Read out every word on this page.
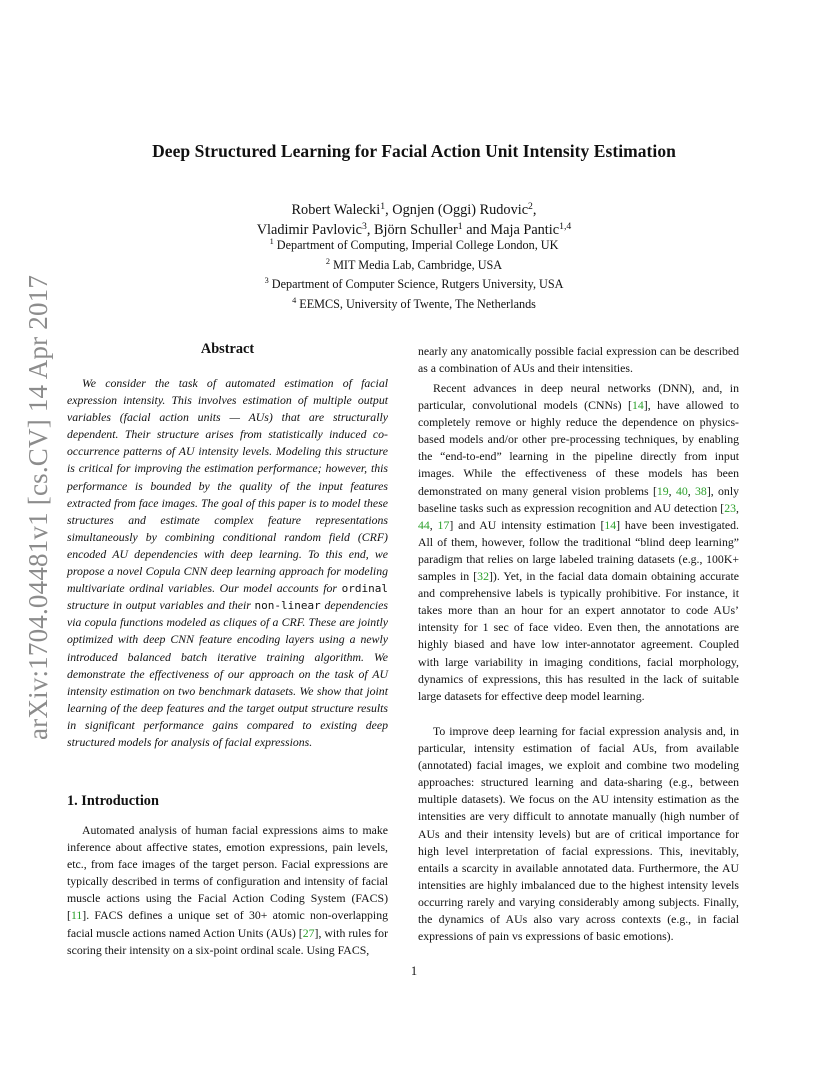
arXiv:1704.04481v1 [cs.CV] 14 Apr 2017
Deep Structured Learning for Facial Action Unit Intensity Estimation
Robert Walecki$^1$, Ognjen (Oggi) Rudovic$^2$,
Vladimir Pavlovic$^3$, Björn Schuller$^1$ and Maja Pantic$^{1,4}$
$^1$ Department of Computing, Imperial College London, UK
$^2$ MIT Media Lab, Cambridge, USA
$^3$ Department of Computer Science, Rutgers University, USA
$^4$ EEMCS, University of Twente, The Netherlands
Abstract

We consider the task of automated estimation of facial expression intensity. This involves estimation of multiple output variables (facial action units — AUs) that are structurally dependent. Their structure arises from statistically induced co-occurrence patterns of AU intensity levels. Modeling this structure is critical for improving the estimation performance; however, this performance is bounded by the quality of the input features extracted from face images. The goal of this paper is to model these structures and estimate complex feature representations simultaneously by combining conditional random field (CRF) encoded AU dependencies with deep learning. To this end, we propose a novel Copula CNN deep learning approach for modeling multivariate ordinal variables. Our model accounts for ordinal structure in output variables and their non-linear dependencies via copula functions modeled as cliques of a CRF. These are jointly optimized with deep CNN feature encoding layers using a newly introduced balanced batch iterative training algorithm. We demonstrate the effectiveness of our approach on the task of AU intensity estimation on two benchmark datasets. We show that joint learning of the deep features and the target output structure results in significant performance gains compared to existing deep structured models for analysis of facial expressions.

1. Introduction

Automated analysis of human facial expressions aims to make inference about affective states, emotion expressions, pain levels, etc., from face images of the target person. Facial expressions are typically described in terms of configuration and intensity of facial muscle actions using the Facial Action Coding System (FACS) [11]. FACS defines a unique set of 30+ atomic non-overlapping facial muscle actions named Action Units (AUs) [27], with rules for scoring their intensity on a six-point ordinal scale. Using FACS,

nearly any anatomically possible facial expression can be described as a combination of AUs and their intensities.

Recent advances in deep neural networks (DNN), and, in particular, convolutional models (CNNs) [14], have allowed to completely remove or highly reduce the dependence on physics-based models and/or other pre-processing techniques, by enabling the “end-to-end” learning in the pipeline directly from input images. While the effectiveness of these models has been demonstrated on many general vision problems [19, 40, 38], only baseline tasks such as expression recognition and AU detection [23, 44, 17] and AU intensity estimation [14] have been investigated. All of them, however, follow the traditional “blind deep learning” paradigm that relies on large labeled training datasets (e.g., 100K+ samples in [32]). Yet, in the facial data domain obtaining accurate and comprehensive labels is typically prohibitive. For instance, it takes more than an hour for an expert annotator to code AUs’ intensity for 1 sec of face video. Even then, the annotations are highly biased and have low inter-annotator agreement. Coupled with large variability in imaging conditions, facial morphology, dynamics of expressions, this has resulted in the lack of suitable large datasets for effective deep model learning.

To improve deep learning for facial expression analysis and, in particular, intensity estimation of facial AUs, from available (annotated) facial images, we exploit and combine two modeling approaches: structured learning and data-sharing (e.g., between multiple datasets). We focus on the AU intensity estimation as the intensities are very difficult to annotate manually (high number of AUs and their intensity levels) but are of critical importance for high level interpretation of facial expressions. This, inevitably, entails a scarcity in available annotated data. Furthermore, the AU intensities are highly imbalanced due to the highest intensity levels occurring rarely and varying considerably among subjects. Finally, the dynamics of AUs also vary across contexts (e.g., in facial expressions of pain vs expressions of basic emotions).

1
